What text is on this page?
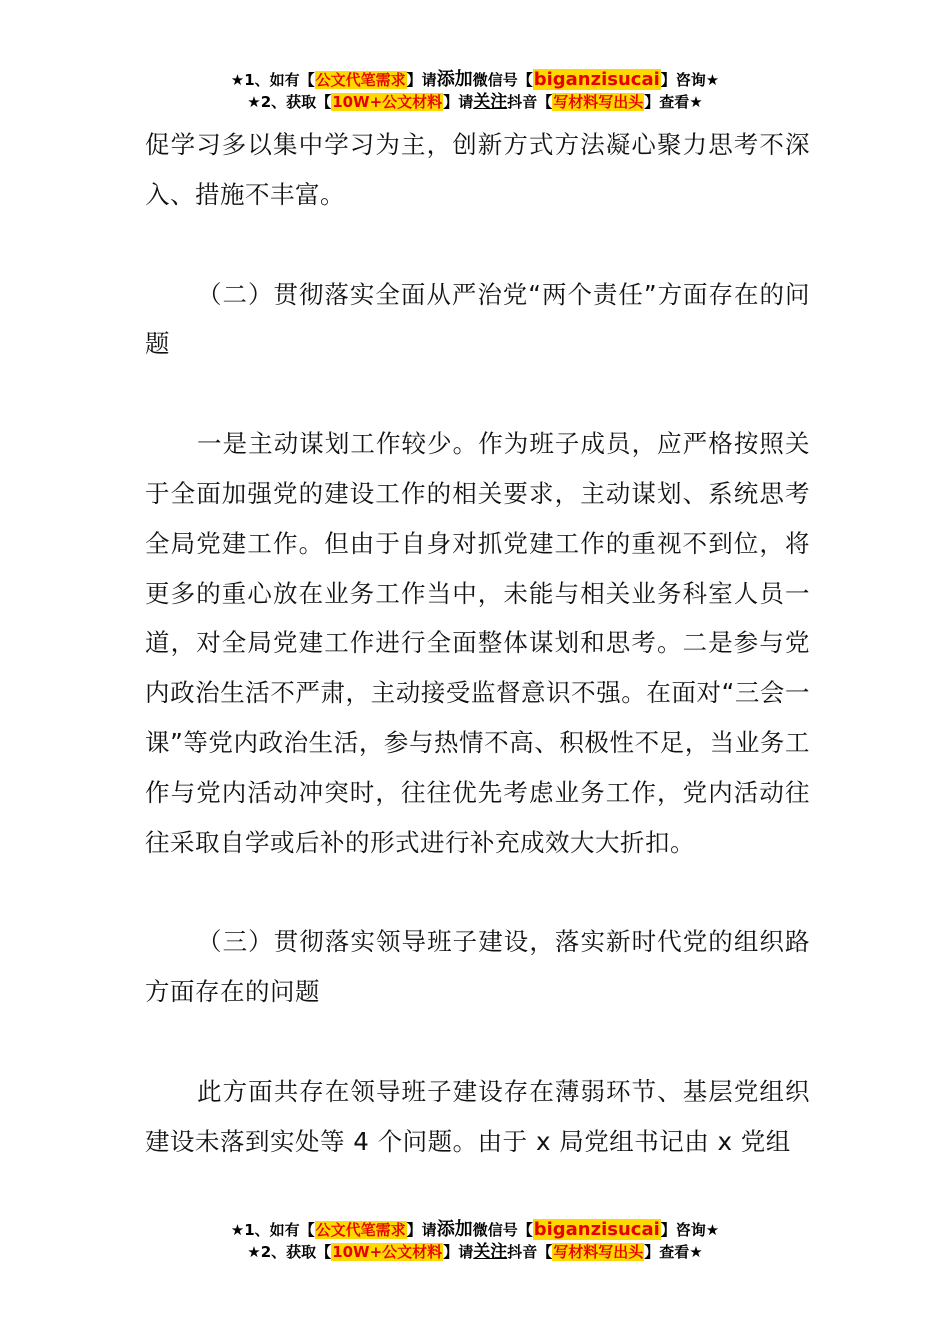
★1、如有【公文代笔需求】请添加微信号【biganzisucai】咨询★
★2、获取【10W+公文材料】请关注抖音【写材料写出头】查看★

促学习多以集中学习为主，创新方式方法凝心聚力思考不深入、措施不丰富。

（二）贯彻落实全面从严治党“两个责任”方面存在的问题

一是主动谋划工作较少。作为班子成员，应严格按照关于全面加强党的建设工作的相关要求，主动谋划、系统思考全局党建工作。但由于自身对抓党建工作的重视不到位，将更多的重心放在业务工作当中，未能与相关业务科室人员一道，对全局党建工作进行全面整体谋划和思考。二是参与党内政治生活不严肃，主动接受监督意识不强。在面对“三会一课”等党内政治生活，参与热情不高、积极性不足，当业务工作与党内活动冲突时，往往优先考虑业务工作，党内活动往往采取自学或后补的形式进行补充成效大大折扣。

（三）贯彻落实领导班子建设，落实新时代党的组织路方面存在的问题

此方面共存在领导班子建设存在薄弱环节、基层党组织建设未落到实处等 4 个问题。由于 x 局党组书记由 x 党组

★1、如有【公文代笔需求】请添加微信号【biganzisucai】咨询★
★2、获取【10W+公文材料】请关注抖音【写材料写出头】查看★
